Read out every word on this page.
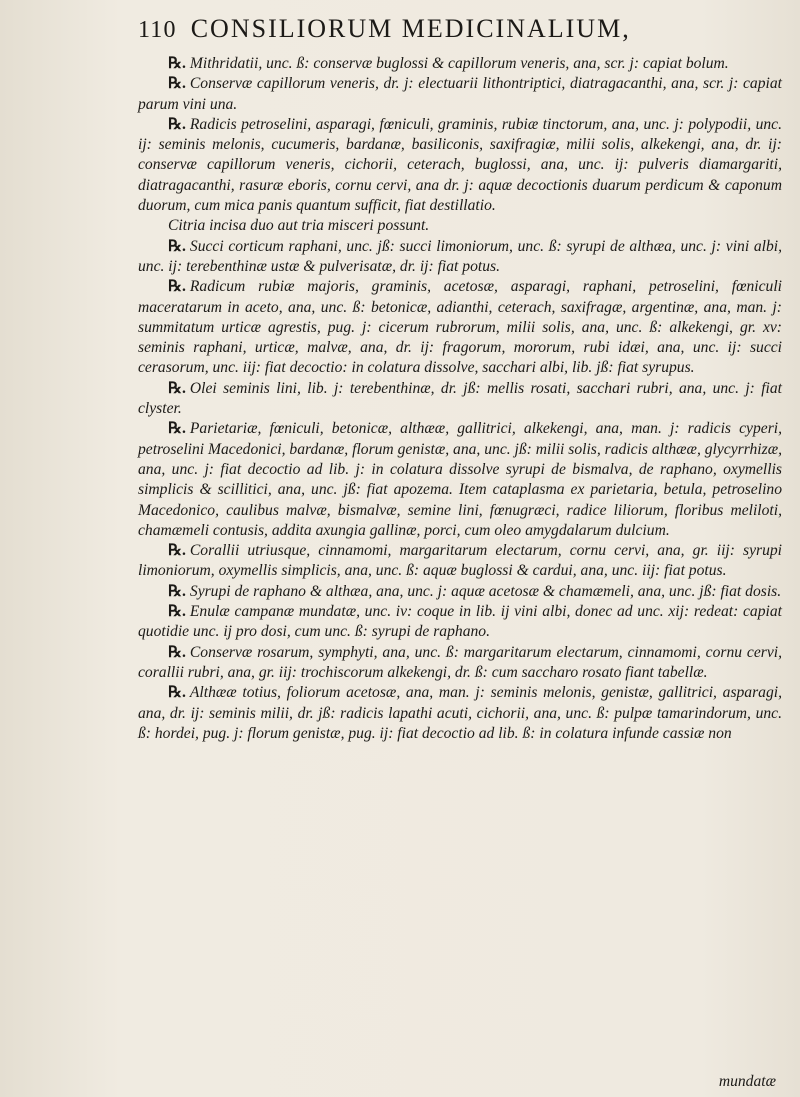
110 CONSILIORUM MEDICINALIUM,

℞. Mithridatii, unc. ß: conservæ buglossi & capillorum veneris, ana, scr. j: capiat bolum.

℞. Conservæ capillorum veneris, dr. j: electuarii lithontriptici, diatragacanthi, ana, scr. j: capiat parum vini una.

℞. Radicis petroselini, asparagi, fœniculi, graminis, rubiæ tinctorum, ana, unc. j: polypodii, unc. ij: seminis melonis, cucumeris, bardanæ, basiliconis, saxifragiæ, milii solis, alkekengi, ana, dr. ij: conservæ capillorum veneris, cichorii, ceterach, buglossi, ana, unc. ij: pulveris diamargariti, diatragacanthi, rasuræ eboris, cornu cervi, ana dr. j: aquæ decoctionis duarum perdicum & caponum duorum, cum mica panis quantum sufficit, fiat destillatio.

Citria incisa duo aut tria misceri possunt.

℞. Succi corticum raphani, unc. jß: succi limoniorum, unc. ß: syrupi de althæa, unc. j: vini albi, unc. ij: terebenthinæ ustæ & pulverisatæ, dr. ij: fiat potus.

℞. Radicum rubiæ majoris, graminis, acetosæ, asparagi, raphani, petroselini, fœniculi maceratarum in aceto, ana, unc. ß: betonicæ, adianthi, ceterach, saxifragæ, argentinæ, ana, man. j: summitatum urticæ agrestis, pug. j: cicerum rubrorum, milii solis, ana, unc. ß: alkekengi, gr. xv: seminis raphani, urticæ, malvæ, ana, dr. ij: fragorum, mororum, rubi idæi, ana, unc. ij: succi cerasorum, unc. iij: fiat decoctio: in colatura dissolve, sacchari albi, lib. jß: fiat syrupus.

℞. Olei seminis lini, lib. j: terebenthinæ, dr. jß: mellis rosati, sacchari rubri, ana, unc. j: fiat clyster.

℞. Parietariæ, fœniculi, betonicæ, althææ, gallitrici, alkekengi, ana, man. j: radicis cyperi, petroselini Macedonici, bardanæ, florum genistæ, ana, unc. jß: milii solis, radicis althææ, glycyrrhizæ, ana, unc. j: fiat decoctio ad lib. j: in colatura dissolve syrupi de bismalva, de raphano, oxymellis simplicis & scillitici, ana, unc. jß: fiat apozema. Item cataplasma ex parietaria, betula, petroselino Macedonico, caulibus malvæ, bismalvæ, semine lini, fœnugræci, radice liliorum, floribus meliloti, chamæmeli contusis, addita axungia gallinæ, porci, cum oleo amygdalarum dulcium.

℞. Corallii utriusque, cinnamomi, margaritarum electarum, cornu cervi, ana, gr. iij: syrupi limoniorum, oxymellis simplicis, ana, unc. ß: aquæ buglossi & cardui, ana, unc. iij: fiat potus.

℞. Syrupi de raphano & althæa, ana, unc. j: aquæ acetosæ & chamæmeli, ana, unc. jß: fiat dosis.

℞. Enulæ campanæ mundatæ, unc. iv: coque in lib. ij vini albi, donec ad unc. xij: redeat: capiat quotidie unc. ij pro dosi, cum unc. ß: syrupi de raphano.

℞. Conservæ rosarum, symphyti, ana, unc. ß: margaritarum electarum, cinnamomi, cornu cervi, corallii rubri, ana, gr. iij: trochiscorum alkekengi, dr. ß: cum saccharo rosato fiant tabellæ.

℞. Althææ totius, foliorum acetosæ, ana, man. j: seminis melonis, genistæ, gallitrici, asparagi, ana, dr. ij: seminis milii, dr. jß: radicis lapathi acuti, cichorii, ana, unc. ß: pulpæ tamarindorum, unc. ß: hordei, pug. j: florum genistæ, pug. ij: fiat decoctio ad lib. ß: in colatura infunde cassiæ non

mundatæ
